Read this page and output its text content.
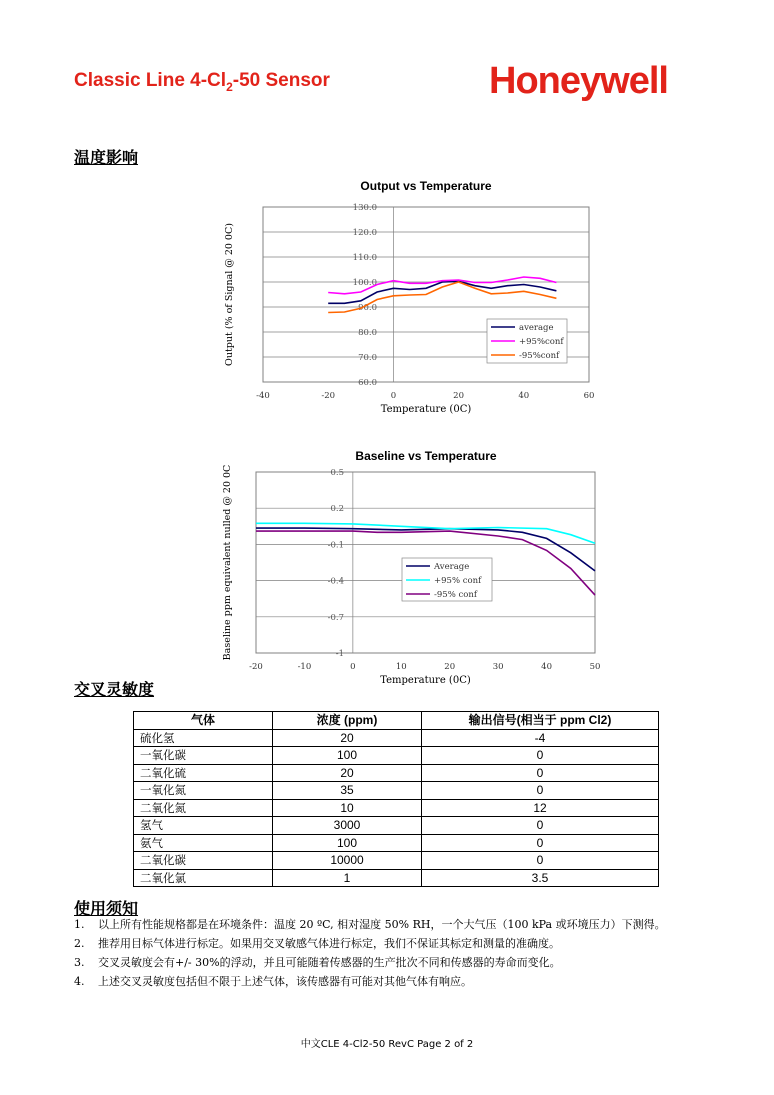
Classic Line $4-Cl_2-50$ Sensor	Honeywell
温度影响
Output vs Temperature
60.0
70.0
80.0
90.0
100.0
110.0
120.0
130.0
-40	-20	0	20	40	60
average
+95%conf
-95%conf
Temperature (0C)
Output (% of Signal @ 20 0C)
Baseline vs Temperature
0.5
0.2
-0.1
-0.4
-0.7
-1
-20	-10	0	10	20	30	40	50
Average
+95% conf
-95% conf
Temperature (0C)
Baseline ppm equivalent nulled @ 20 0C
交叉灵敏度
气体	浓度 (ppm)	输出信号(相当于 ppm Cl2)
硫化氢	20	-4
一氧化碳	100	0
二氧化硫	20	0
一氧化氮	35	0
二氧化氮	10	12
氢气	3000	0
氨气	100	0
二氧化碳	10000	0
二氧化氯	1	3.5
使用须知
1. 以上所有性能规格都是在环境条件：温度 20 ºC, 相对湿度 50% RH，一个大气压（100 kPa 或环境压力）下测得。
2. 推荐用目标气体进行标定。如果用交叉敏感气体进行标定，我们不保证其标定和测量的准确度。
3. 交叉灵敏度会有+/- 30%的浮动，并且可能随着传感器的生产批次不同和传感器的寿命而变化。
4. 上述交叉灵敏度包括但不限于上述气体，该传感器有可能对其他气体有响应。
中文CLE 4-Cl2-50 RevC Page 2 of 2
